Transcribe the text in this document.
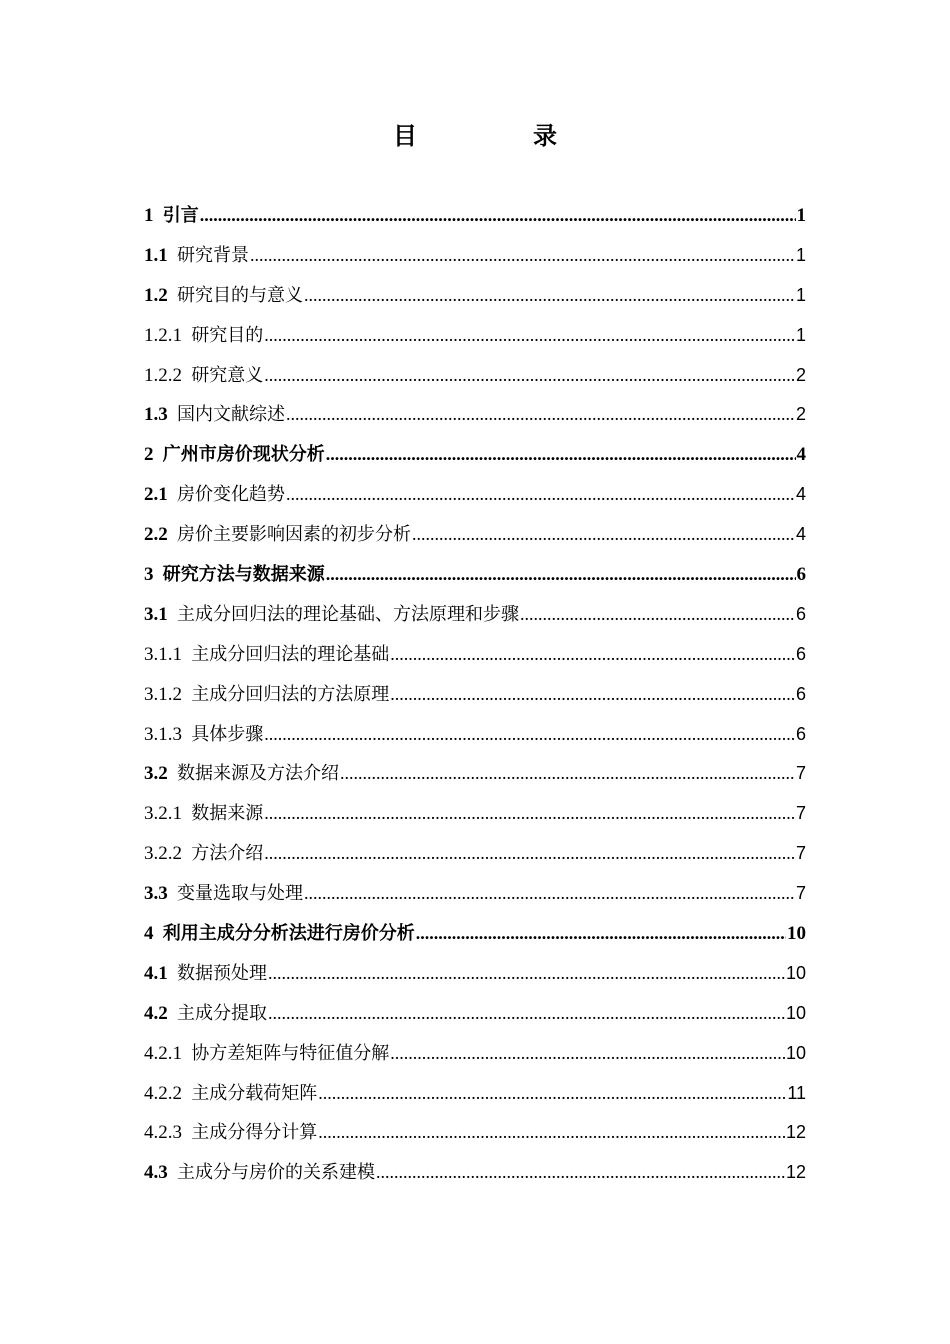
目　录
1  引言 .....	1
1.1  研究背景 .....	1
1.2  研究目的与意义 .....	1
1.2.1  研究目的 .....	1
1.2.2  研究意义 .....	2
1.3  国内文献综述 .....	2
2  广州市房价现状分析 .....	4
2.1  房价变化趋势 .....	4
2.2  房价主要影响因素的初步分析 .....	4
3  研究方法与数据来源 .....	6
3.1  主成分回归法的理论基础、方法原理和步骤 .....	6
3.1.1  主成分回归法的理论基础 .....	6
3.1.2  主成分回归法的方法原理 .....	6
3.1.3  具体步骤 .....	6
3.2  数据来源及方法介绍 .....	7
3.2.1  数据来源 .....	7
3.2.2  方法介绍 .....	7
3.3  变量选取与处理 .....	7
4  利用主成分分析法进行房价分析 .....	10
4.1  数据预处理 .....	10
4.2  主成分提取 .....	10
4.2.1  协方差矩阵与特征值分解 .....	10
4.2.2  主成分载荷矩阵 .....	11
4.2.3  主成分得分计算 .....	12
4.3  主成分与房价的关系建模 .....	12
